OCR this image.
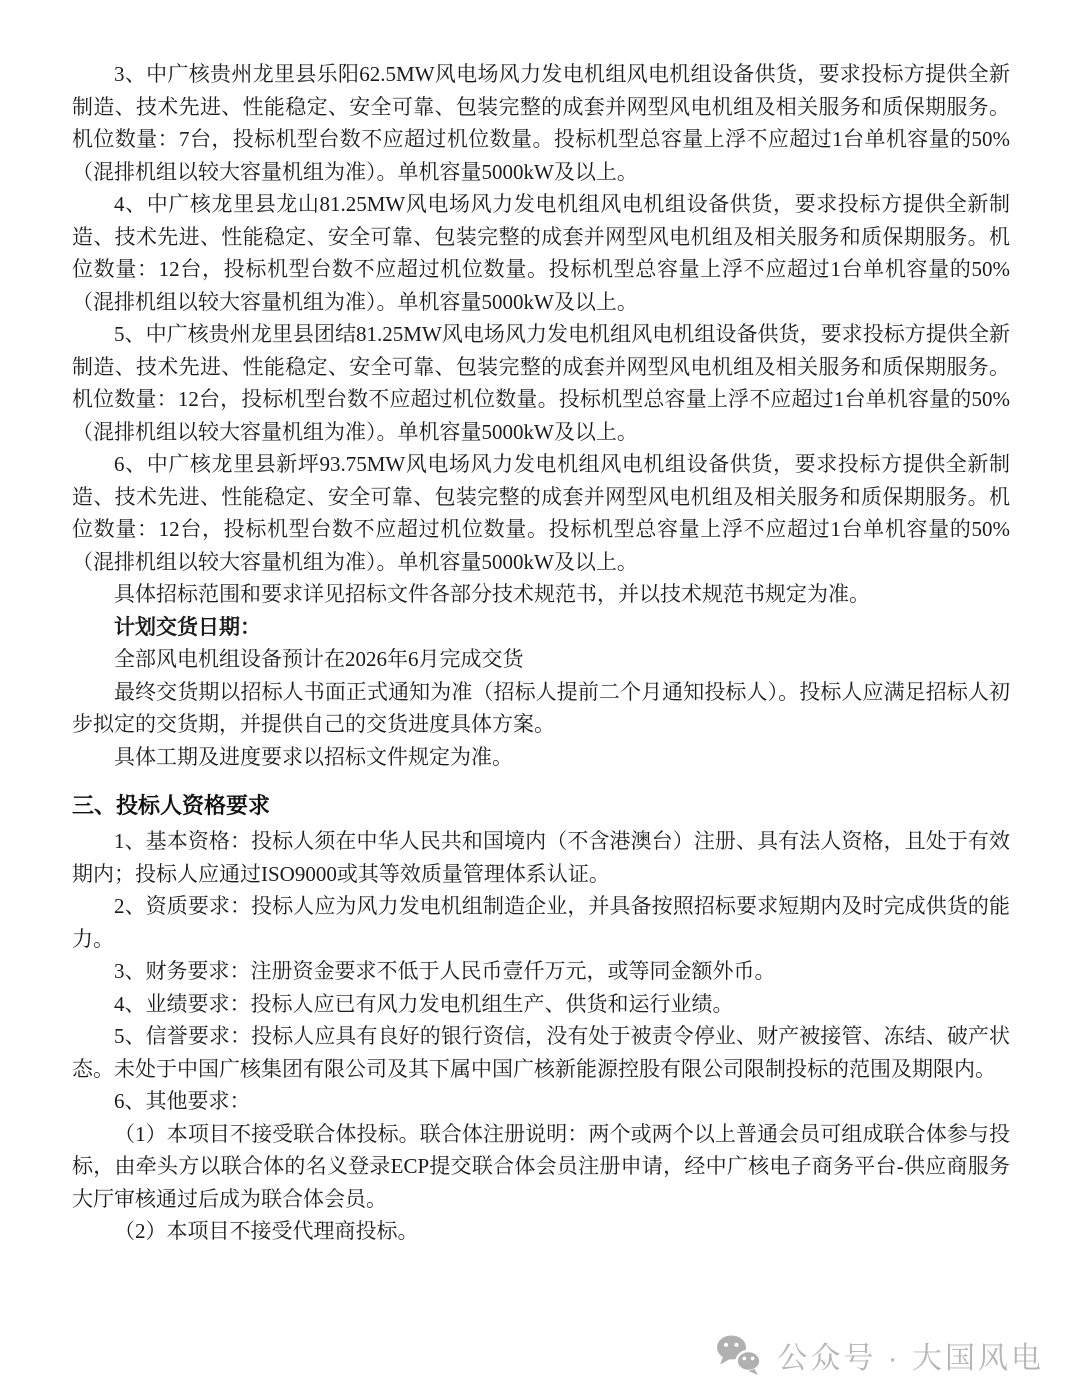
3、中广核贵州龙里县乐阳62.5MW风电场风力发电机组风电机组设备供货，要求投标方提供全新制造、技术先进、性能稳定、安全可靠、包装完整的成套并网型风电机组及相关服务和质保期服务。机位数量：7台，投标机型台数不应超过机位数量。投标机型总容量上浮不应超过1台单机容量的50%（混排机组以较大容量机组为准）。单机容量5000kW及以上。

4、中广核龙里县龙山81.25MW风电场风力发电机组风电机组设备供货，要求投标方提供全新制造、技术先进、性能稳定、安全可靠、包装完整的成套并网型风电机组及相关服务和质保期服务。机位数量：12台，投标机型台数不应超过机位数量。投标机型总容量上浮不应超过1台单机容量的50%（混排机组以较大容量机组为准）。单机容量5000kW及以上。

5、中广核贵州龙里县团结81.25MW风电场风力发电机组风电机组设备供货，要求投标方提供全新制造、技术先进、性能稳定、安全可靠、包装完整的成套并网型风电机组及相关服务和质保期服务。机位数量：12台，投标机型台数不应超过机位数量。投标机型总容量上浮不应超过1台单机容量的50%（混排机组以较大容量机组为准）。单机容量5000kW及以上。

6、中广核龙里县新坪93.75MW风电场风力发电机组风电机组设备供货，要求投标方提供全新制造、技术先进、性能稳定、安全可靠、包装完整的成套并网型风电机组及相关服务和质保期服务。机位数量：12台，投标机型台数不应超过机位数量。投标机型总容量上浮不应超过1台单机容量的50%（混排机组以较大容量机组为准）。单机容量5000kW及以上。

具体招标范围和要求详见招标文件各部分技术规范书，并以技术规范书规定为准。

计划交货日期：

全部风电机组设备预计在2026年6月完成交货

最终交货期以招标人书面正式通知为准（招标人提前二个月通知投标人）。投标人应满足招标人初步拟定的交货期，并提供自己的交货进度具体方案。

具体工期及进度要求以招标文件规定为准。

三、投标人资格要求

1、基本资格：投标人须在中华人民共和国境内（不含港澳台）注册、具有法人资格，且处于有效期内；投标人应通过ISO9000或其等效质量管理体系认证。

2、资质要求：投标人应为风力发电机组制造企业，并具备按照招标要求短期内及时完成供货的能力。

3、财务要求：注册资金要求不低于人民币壹仟万元，或等同金额外币。

4、业绩要求：投标人应已有风力发电机组生产、供货和运行业绩。

5、信誉要求：投标人应具有良好的银行资信，没有处于被责令停业、财产被接管、冻结、破产状态。未处于中国广核集团有限公司及其下属中国广核新能源控股有限公司限制投标的范围及期限内。

6、其他要求：

（1）本项目不接受联合体投标。联合体注册说明：两个或两个以上普通会员可组成联合体参与投标，由牵头方以联合体的名义登录ECP提交联合体会员注册申请，经中广核电子商务平台-供应商服务大厅审核通过后成为联合体会员。

（2）本项目不接受代理商投标。

公众号 · 大国风电
